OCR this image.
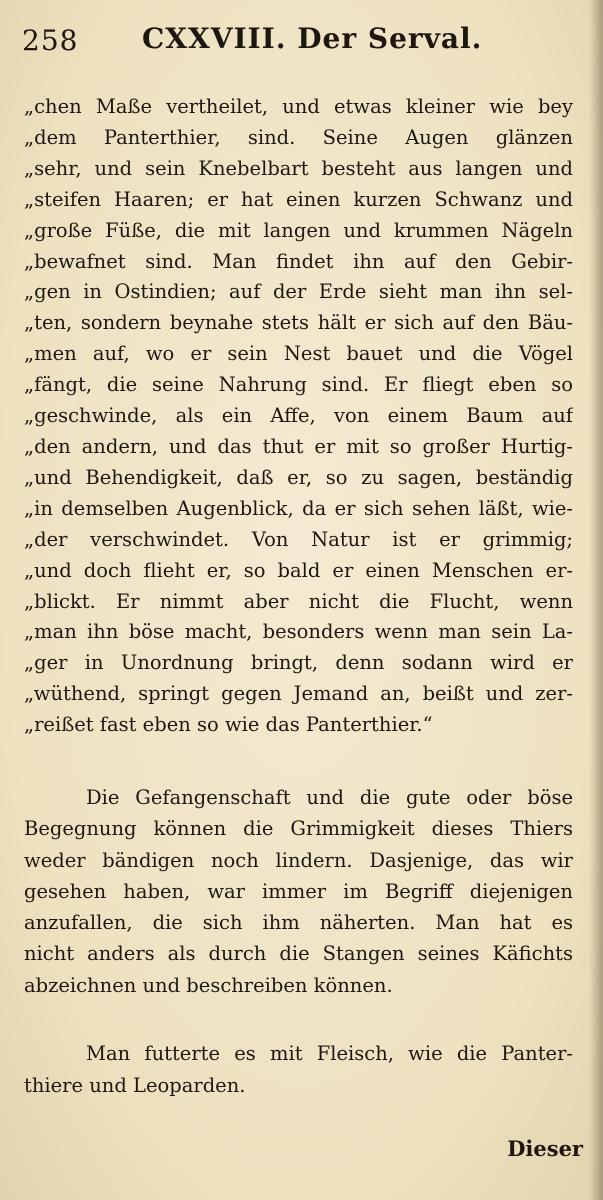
258 CXXVIII. Der Serval.
„chen Maße vertheilet, und etwas kleiner wie bey
„dem Panterthier, sind. Seine Augen glänzen
„sehr, und sein Knebelbart besteht aus langen und
„steifen Haaren; er hat einen kurzen Schwanz und
„große Füße, die mit langen und krummen Nägeln
„bewafnet sind. Man findet ihn auf den Gebir-
„gen in Ostindien; auf der Erde sieht man ihn sel-
„ten, sondern beynahe stets hält er sich auf den Bäu-
„men auf, wo er sein Nest bauet und die Vögel
„fängt, die seine Nahrung sind. Er fliegt eben so
„geschwinde, als ein Affe, von einem Baum auf
„den andern, und das thut er mit so großer Hurtig-
„und Behendigkeit, daß er, so zu sagen, beständig
„in demselben Augenblick, da er sich sehen läßt, wie-
„der verschwindet. Von Natur ist er grimmig;
„und doch flieht er, so bald er einen Menschen er-
„blickt. Er nimmt aber nicht die Flucht, wenn
„man ihn böse macht, besonders wenn man sein La-
„ger in Unordnung bringt, denn sodann wird er
„wüthend, springt gegen Jemand an, beißt und zer-
„reißet fast eben so wie das Panterthier.“
Die Gefangenschaft und die gute oder böse
Begegnung können die Grimmigkeit dieses Thiers
weder bändigen noch lindern. Dasjenige, das wir
gesehen haben, war immer im Begriff diejenigen
anzufallen, die sich ihm näherten. Man hat es
nicht anders als durch die Stangen seines Käfichts
abzeichnen und beschreiben können.
Man futterte es mit Fleisch, wie die Panter-
thiere und Leoparden.
Dieser
